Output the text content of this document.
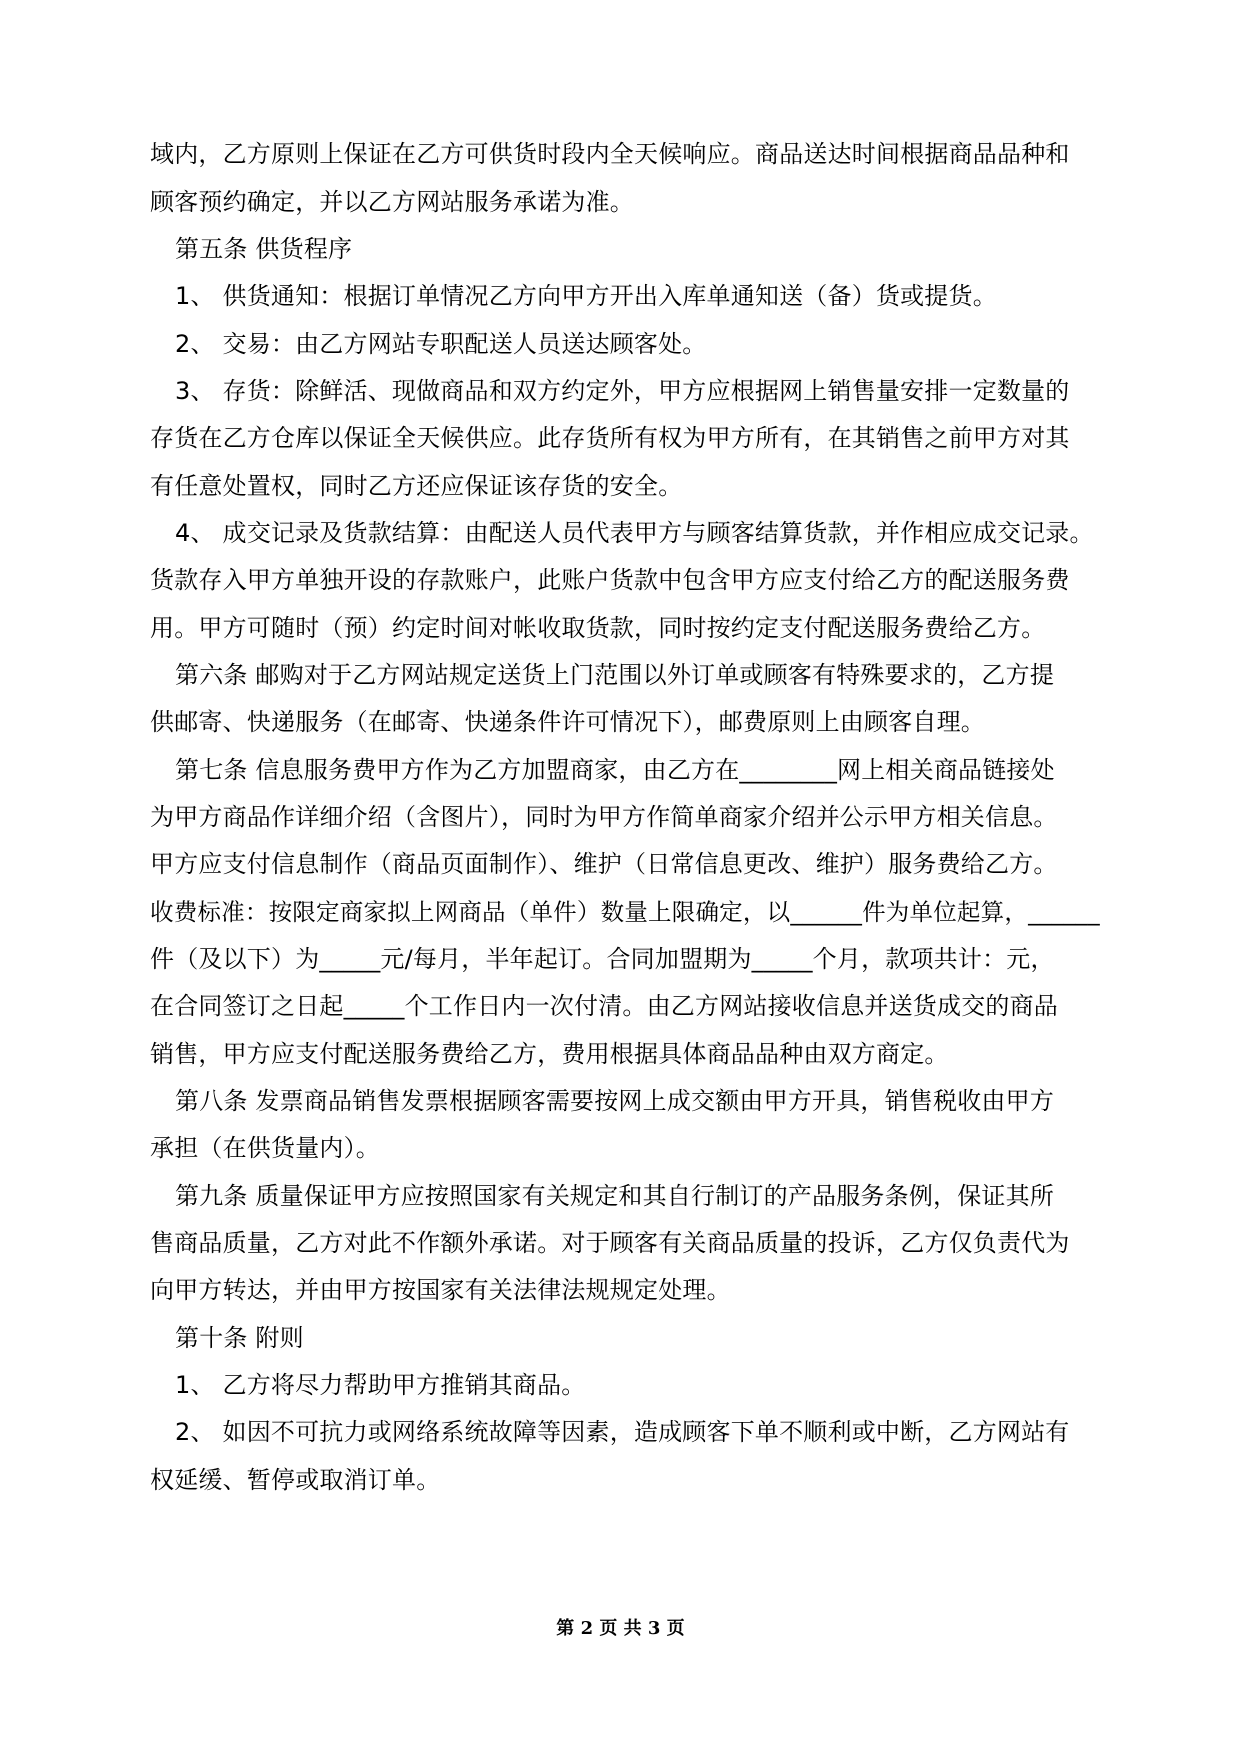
域内，乙方原则上保证在乙方可供货时段内全天候响应。商品送达时间根据商品品种和
顾客预约确定，并以乙方网站服务承诺为准。
第五条 供货程序
1、 供货通知：根据订单情况乙方向甲方开出入库单通知送（备）货或提货。
2、 交易：由乙方网站专职配送人员送达顾客处。
3、 存货：除鲜活、现做商品和双方约定外，甲方应根据网上销售量安排一定数量的
存货在乙方仓库以保证全天候供应。此存货所有权为甲方所有，在其销售之前甲方对其
有任意处置权，同时乙方还应保证该存货的安全。
4、 成交记录及货款结算：由配送人员代表甲方与顾客结算货款，并作相应成交记录。
货款存入甲方单独开设的存款账户，此账户货款中包含甲方应支付给乙方的配送服务费
用。甲方可随时（预）约定时间对帐收取货款，同时按约定支付配送服务费给乙方。
第六条 邮购对于乙方网站规定送货上门范围以外订单或顾客有特殊要求的，乙方提
供邮寄、快递服务（在邮寄、快递条件许可情况下），邮费原则上由顾客自理。
第七条 信息服务费甲方作为乙方加盟商家，由乙方在________网上相关商品链接处
为甲方商品作详细介绍（含图片），同时为甲方作简单商家介绍并公示甲方相关信息。
甲方应支付信息制作（商品页面制作）、维护（日常信息更改、维护）服务费给乙方。
收费标准：按限定商家拟上网商品（单件）数量上限确定，以______件为单位起算，______
件（及以下）为_____元/每月，半年起订。合同加盟期为_____个月，款项共计：元，
在合同签订之日起_____个工作日内一次付清。由乙方网站接收信息并送货成交的商品
销售，甲方应支付配送服务费给乙方，费用根据具体商品品种由双方商定。
第八条 发票商品销售发票根据顾客需要按网上成交额由甲方开具，销售税收由甲方
承担（在供货量内）。
第九条 质量保证甲方应按照国家有关规定和其自行制订的产品服务条例，保证其所
售商品质量，乙方对此不作额外承诺。对于顾客有关商品质量的投诉，乙方仅负责代为
向甲方转达，并由甲方按国家有关法律法规规定处理。
第十条 附则
1、 乙方将尽力帮助甲方推销其商品。
2、 如因不可抗力或网络系统故障等因素，造成顾客下单不顺利或中断，乙方网站有
权延缓、暂停或取消订单。
第 2 页 共 3 页
